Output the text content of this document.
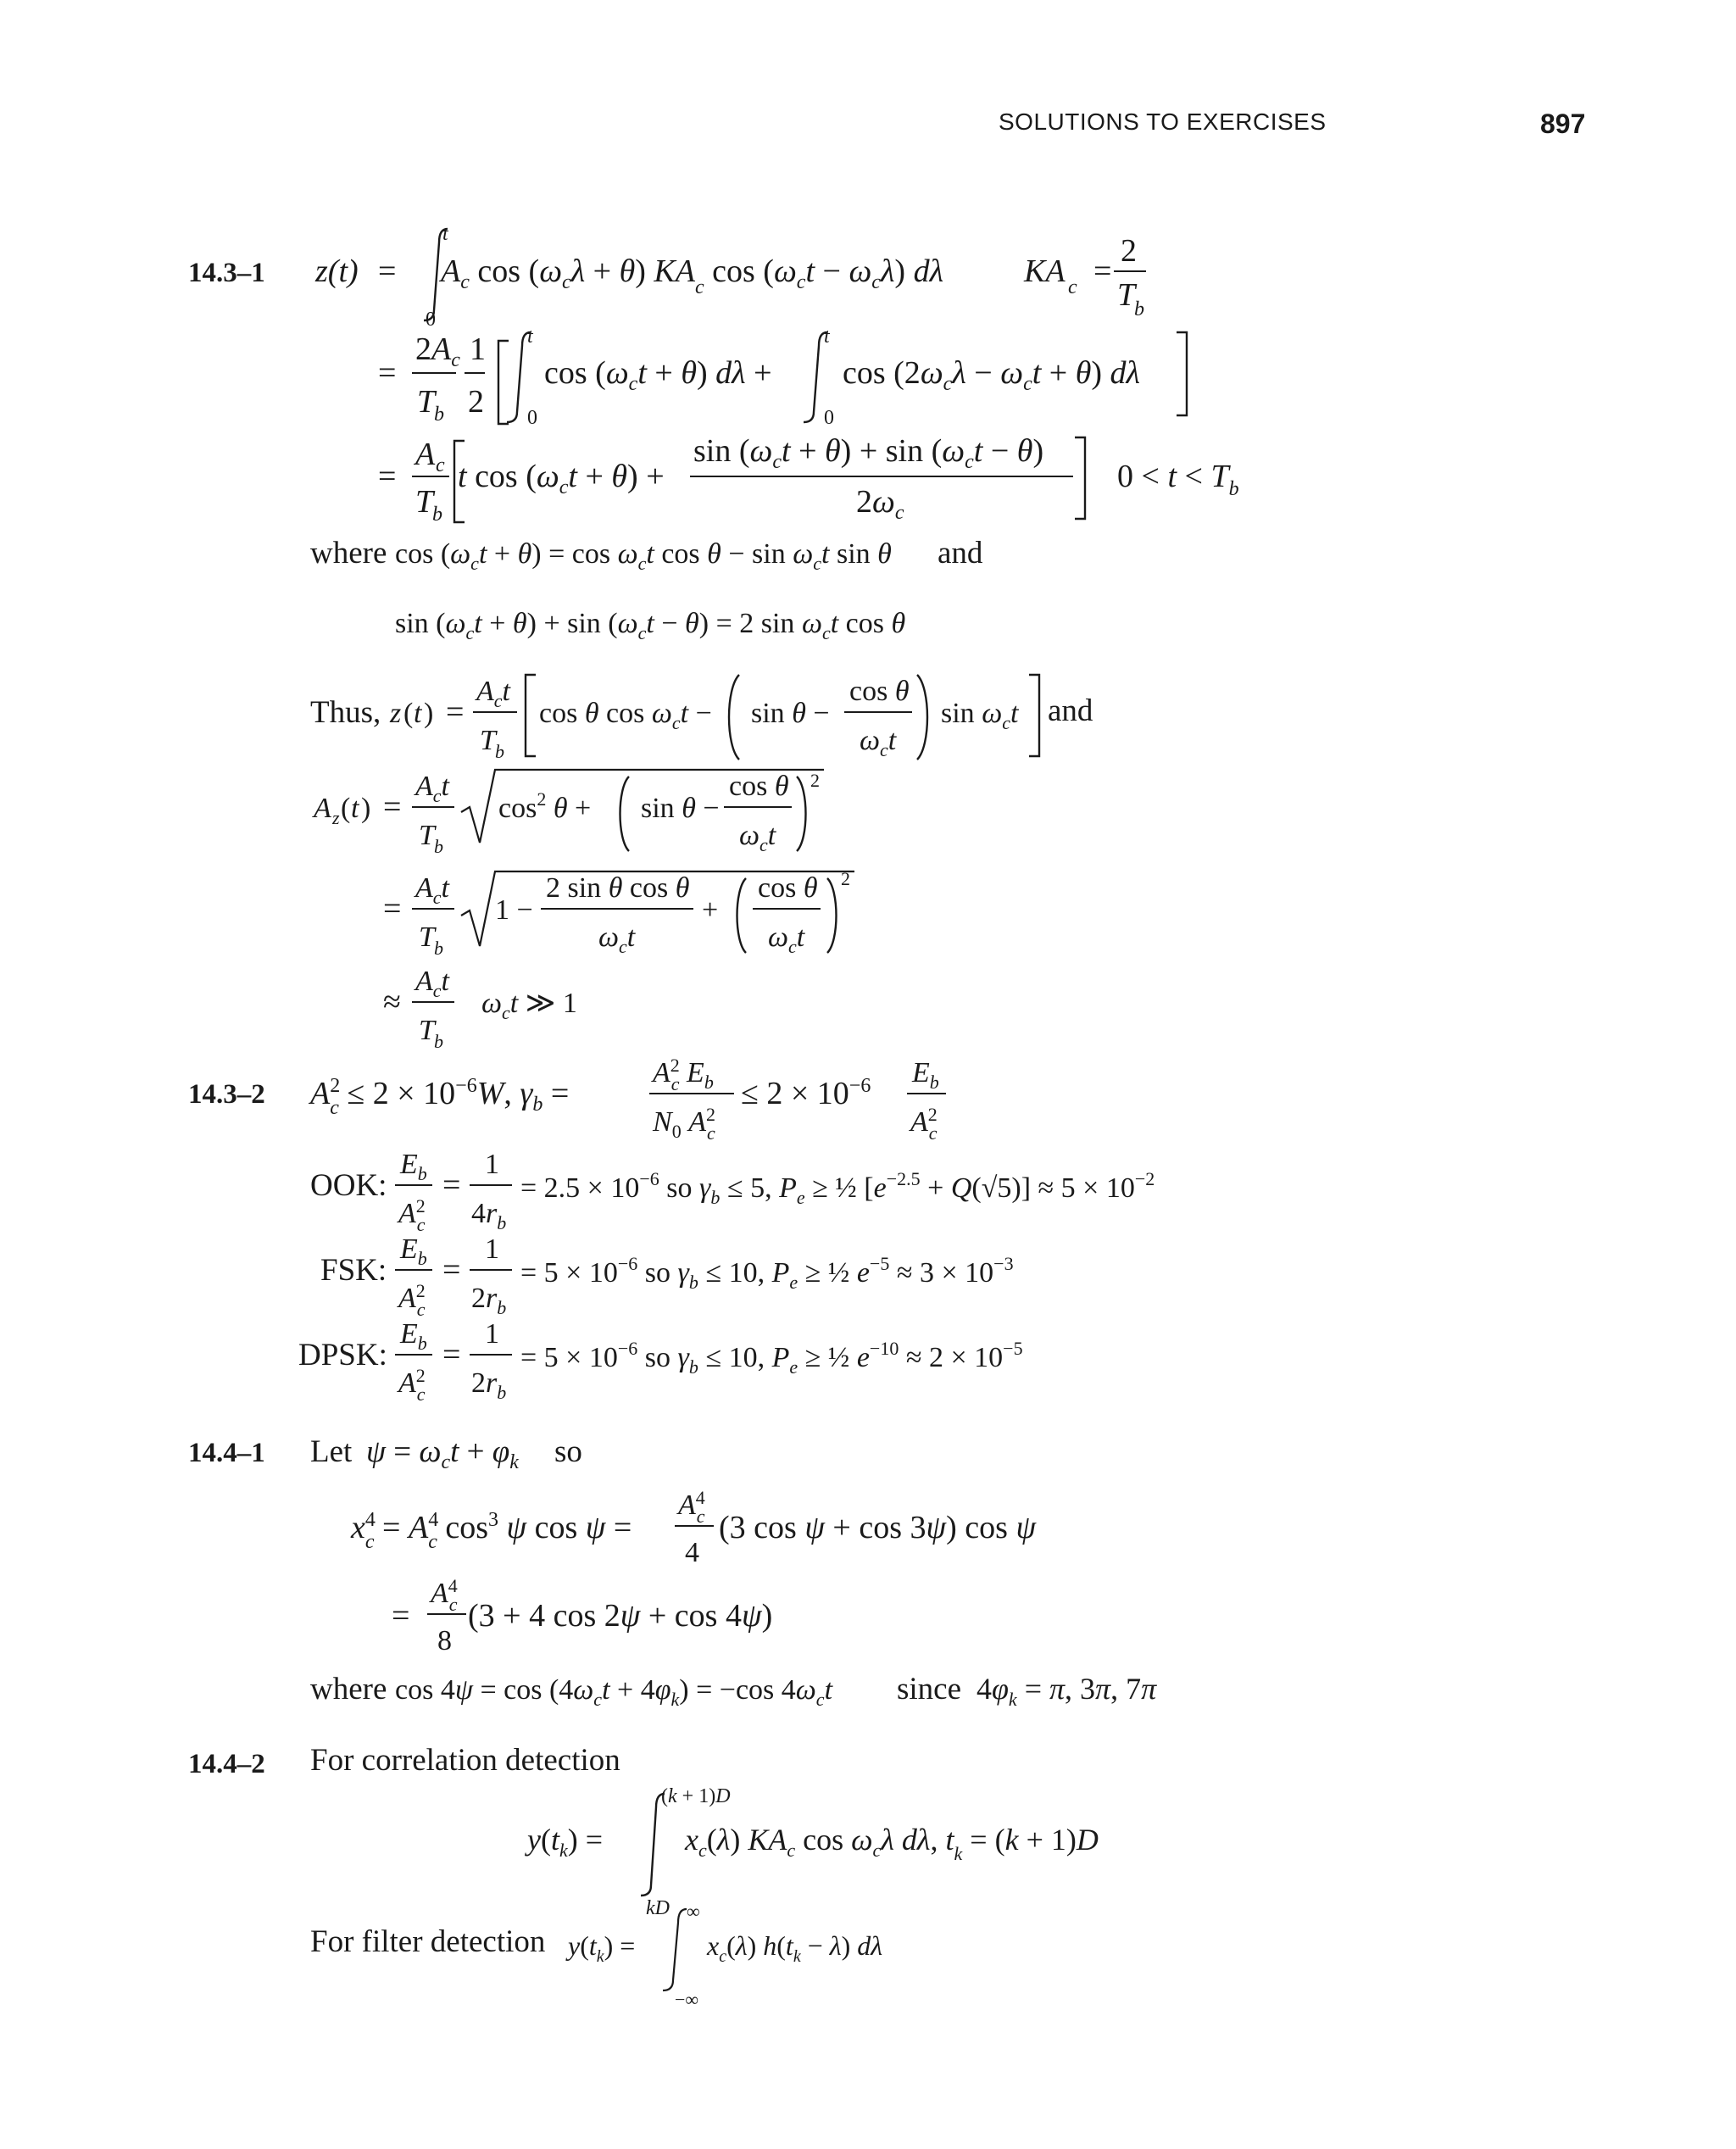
SOLUTIONS TO EXERCISES	897
14.3–1
14.3–2
14.4–1
14.4–2
z(t) =
t
0
$A_c$ $\cos (\omega_c\lambda + \theta)$ $KA_c$ $\cos (\omega_ct - \omega_c\lambda)$ dλ KA c =
2
T
b
=
$2A_c$
T
b
1
2
t
0
$\cos (\omega_ct + \theta) d\lambda$ +
t
0
$\cos (2\omega_c\lambda - \omega_ct + \theta)$ dλ
=
A c
T
b
t $\cos (\omega_ct + \theta)$ +
$\sin (\omega_ct + \theta) + \sin (\omega_ct - \theta)$
$2\omega_c$
$0 < t < T_b$
where $\cos (\omega_ct + \theta) = \cos \omega_ct$ $\cos \theta - \sin \omega_ct$ sin θ and
$\sin (\omega_ct + \theta) + \sin (\omega_ct - \theta) = 2$ $\sin \omega_ct$ cos θ
Thus, z ( t ) =
$A_ct$
T b
cos θ $\cos \omega_ct - \sin \theta$ −
cos θ
$\omega_ct$
$\sin \omega_ct$ and
A z ( t ) =
$A_ct$
T b
$\cos^2 \theta + \sin \theta$ −
cos θ
$\omega_ct$
2
=
$A_ct$
T b
1 −
2 sin θ cos θ
$\omega_ct$
+
cos θ
$\omega_ct$
2
≈
$A_ct$
T b
$\omega_ct$ ≫ 1
$A^2$ $c \le 2 \times 10^{-6}W$, $\gamma_b$ =
$A^2$ c $E_b$
$N_0$ $A^2$ c
≤ $2 \times 10^{-6}$ $E_b$
$A^2$ c
OOK:
$E_b$
$A^2$ c
=
1
$4r_b$
= $2.5 \times 10^{-6}$ so $\gamma_b \le 5$, $P_e$ ≥ ½ $[e^{-2.5} + Q(√5)] \approx 5 \times 10^{-2}$
FSK:
$E_b$
$A^2$ c
=
1
$2r_b$
= $5 \times 10^{-6}$ so $\gamma_b \le 10$, $P_e$ ≥ ½ $e^{-5} \approx 3 \times 10^{-3}$
DPSK:
$E_b$
$A^2$ c
=
1
$2r_b$
= $5 \times 10^{-6}$ so $\gamma_b \le 10$, $P_e$ ≥ ½ $e^{-10} \approx 2 \times 10^{-5}$
Let $\psi = \omega_ct + \varphi_k$ so
$x^4$ $c = A^4$ c $\cos^3 \psi$ cos ψ =
$A^4$ c
4
(3 cos ψ + cos 3ψ) cos ψ
=
$A^4$ c
8
(3 + 4 cos 2ψ + cos 4ψ)
where $\cos 4\psi = \cos (4\omega_ct + 4\varphi_k) = -\cos$ $4\omega_ct$ since $4\varphi_k = \pi$, 3π, 7π
For correlation detection
$y(t_k)$ =
(k + 1)D
kD
$x_c(\lambda)$ $KA_c$ $\cos \omega_c\lambda$ dλ, $t_k = (k + 1)D$
For filter detection $y(t_k)$ =
∞
−∞
$x_c(\lambda) h(t_k - \lambda)$ dλ
